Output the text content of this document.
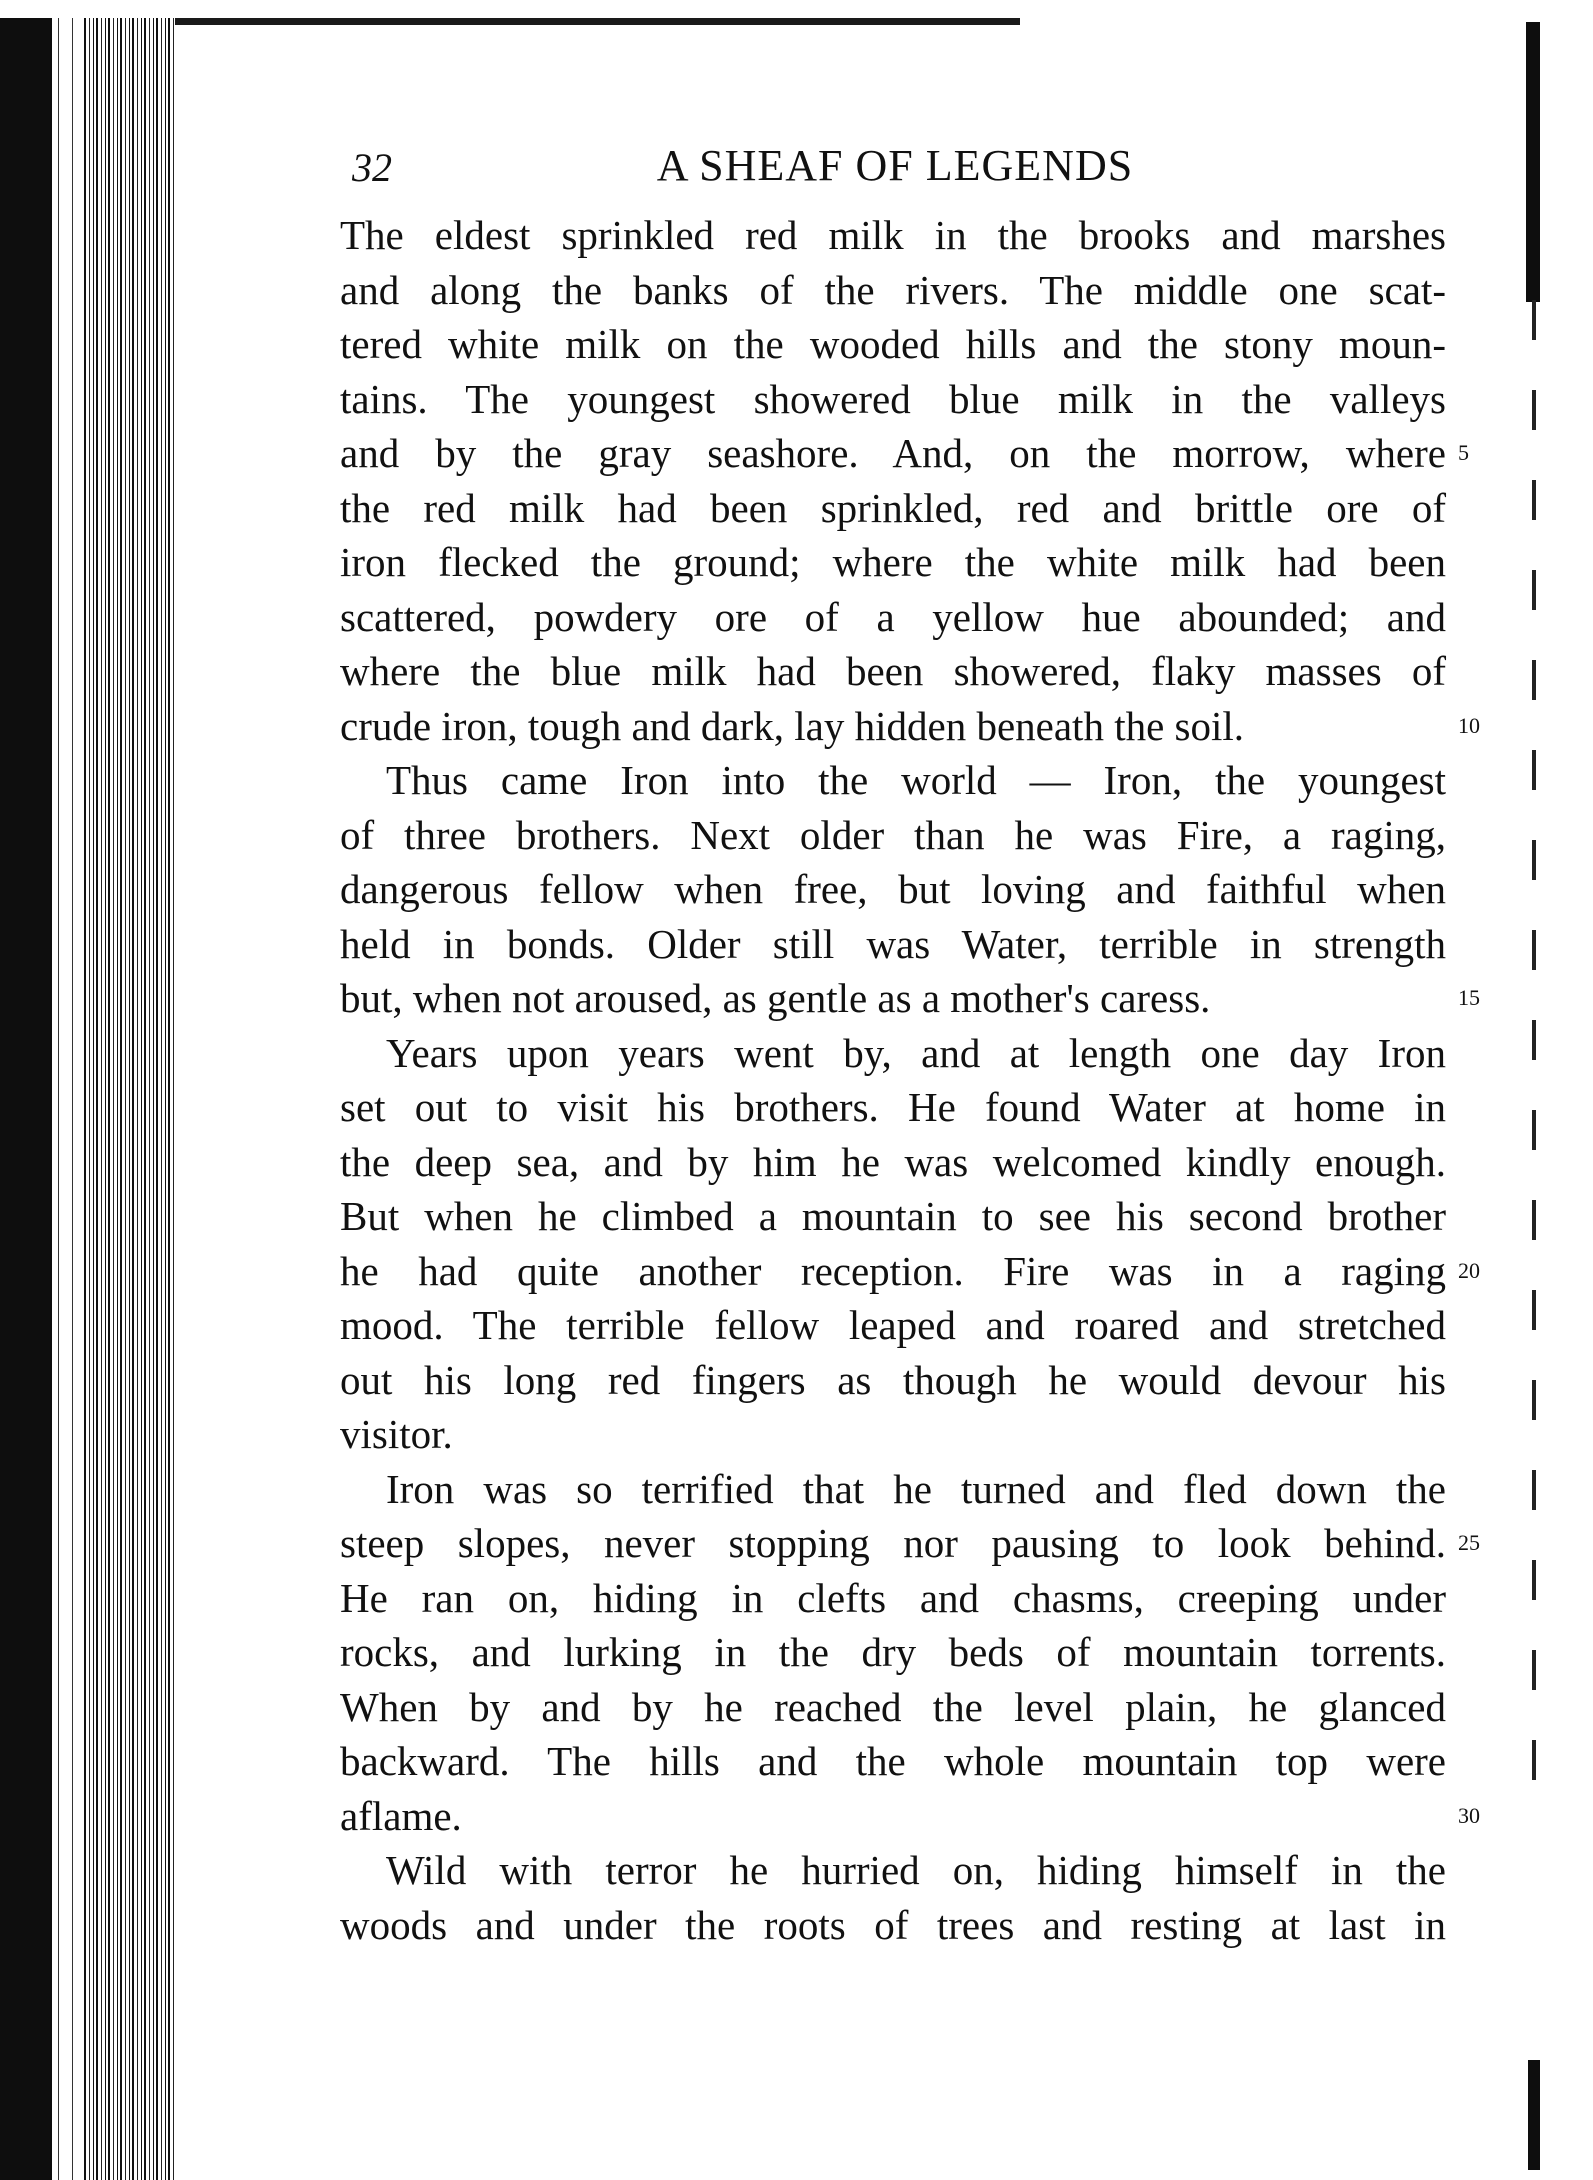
32	A SHEAF OF LEGENDS
The eldest sprinkled red milk in the brooks and marshes
and along the banks of the rivers. The middle one scat-
tered white milk on the wooded hills and the stony moun-
tains. The youngest showered blue milk in the valleys
and by the gray seashore. And, on the morrow, where 5
the red milk had been sprinkled, red and brittle ore of
iron flecked the ground; where the white milk had been
scattered, powdery ore of a yellow hue abounded; and
where the blue milk had been showered, flaky masses of
crude iron, tough and dark, lay hidden beneath the soil.	10
Thus came Iron into the world — Iron, the youngest
of three brothers. Next older than he was Fire, a raging,
dangerous fellow when free, but loving and faithful when
held in bonds. Older still was Water, terrible in strength
but, when not aroused, as gentle as a mother's caress.	15
Years upon years went by, and at length one day Iron
set out to visit his brothers. He found Water at home in
the deep sea, and by him he was welcomed kindly enough.
But when he climbed a mountain to see his second brother
he had quite another reception. Fire was in a raging 20
mood. The terrible fellow leaped and roared and stretched
out his long red fingers as though he would devour his
visitor.
Iron was so terrified that he turned and fled down the
steep slopes, never stopping nor pausing to look behind. 25
He ran on, hiding in clefts and chasms, creeping under
rocks, and lurking in the dry beds of mountain torrents.
When by and by he reached the level plain, he glanced
backward. The hills and the whole mountain top were
aflame.	30
Wild with terror he hurried on, hiding himself in the
woods and under the roots of trees and resting at last in
